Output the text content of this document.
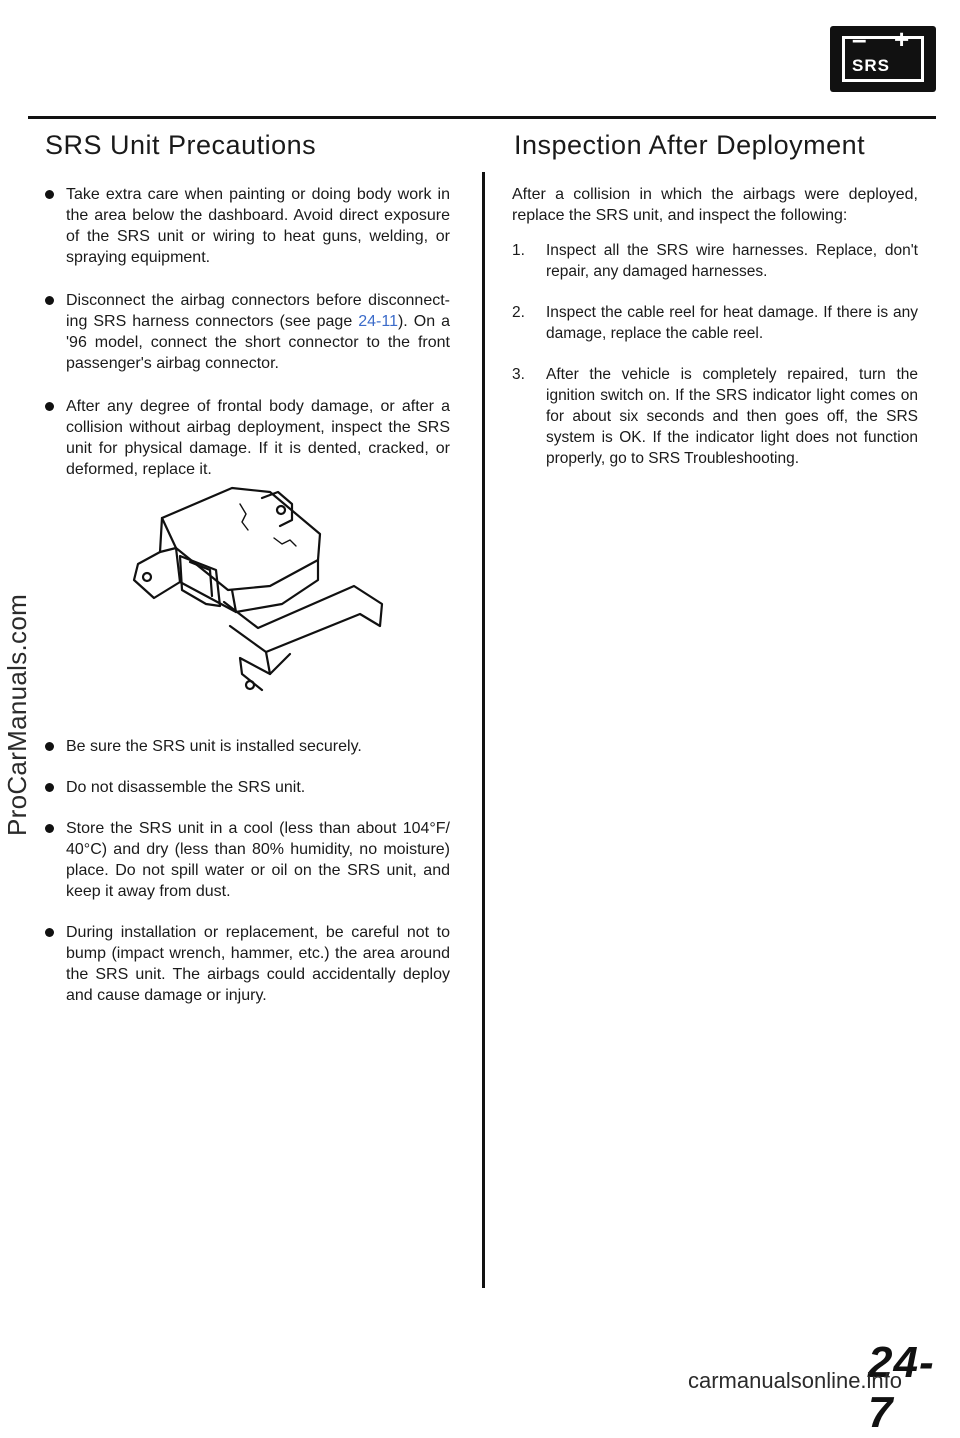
– +
SRS
SRS Unit Precautions	Inspection After Deployment
Take extra care when painting or doing body work in the area below the dashboard. Avoid direct exposure of the SRS unit or wiring to heat guns, welding, or spraying equipment.
Disconnect the airbag connectors before disconnect-ing SRS harness connectors (see page 24-11). On a '96 model, connect the short connector to the front passenger's airbag connector.
After any degree of frontal body damage, or after a collision without airbag deployment, inspect the SRS unit for physical damage. If it is dented, cracked, or deformed, replace it.
Be sure the SRS unit is installed securely.
Do not disassemble the SRS unit.
Store the SRS unit in a cool (less than about 104°F/ 40°C) and dry (less than 80% humidity, no moisture) place. Do not spill water or oil on the SRS unit, and keep it away from dust.
During installation or replacement, be careful not to bump (impact wrench, hammer, etc.) the area around the SRS unit. The airbags could accidentally deploy and cause damage or injury.

After a collision in which the airbags were deployed, replace the SRS unit, and inspect the following:

1. Inspect all the SRS wire harnesses. Replace, don't repair, any damaged harnesses.
2. Inspect the cable reel for heat damage. If there is any damage, replace the cable reel.
3. After the vehicle is completely repaired, turn the ignition switch on. If the SRS indicator light comes on for about six seconds and then goes off, the SRS system is OK. If the indicator light does not function properly, go to SRS Troubleshooting.
ProCarManuals.com
24-7
carmanualsonline.info
